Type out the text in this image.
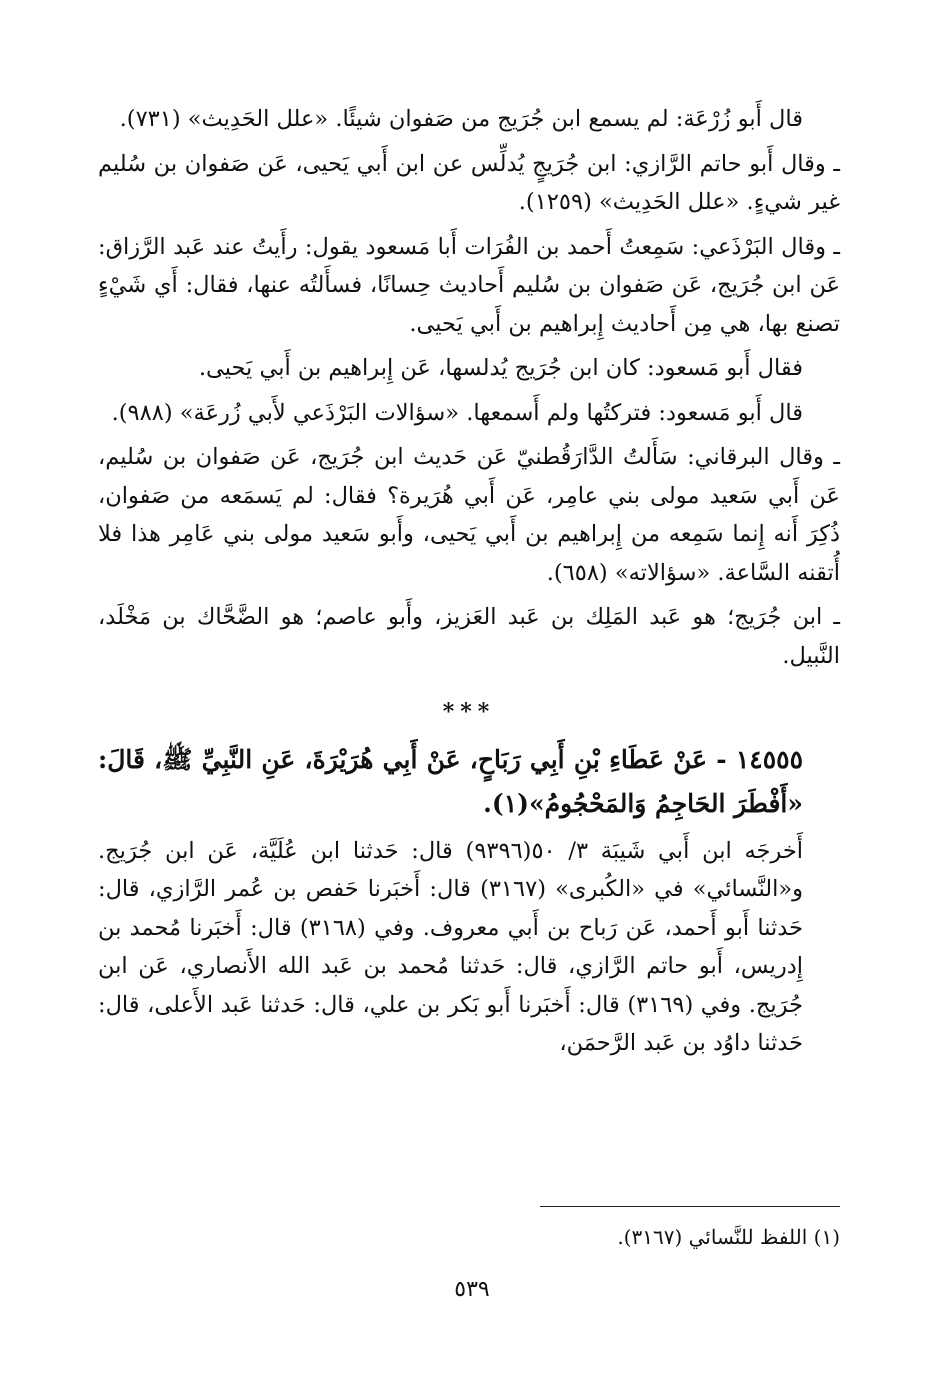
قال أَبو زُرْعَة: لم يسمع ابن جُرَيج من صَفوان شيئًا. «علل الحَدِيث» (٧٣١).

ـ وقال أَبو حاتم الرَّازي: ابن جُرَيجٍ يُدلِّس عن ابن أَبي يَحيى، عَن صَفوان بن سُليم غير شيءٍ. «علل الحَدِيث» (١٢٥٩).

ـ وقال البَرْذَعي: سَمِعتُ أَحمد بن الفُرَات أَبا مَسعود يقول: رأَيتُ عند عَبد الرَّزاق: عَن ابن جُرَيج، عَن صَفوان بن سُليم أَحاديث حِسانًا، فسأَلتُه عنها، فقال: أَي شَيْءٍ تصنع بها، هي مِن أَحاديث إِبراهيم بن أَبي يَحيى.

فقال أَبو مَسعود: كان ابن جُرَيج يُدلسها، عَن إِبراهيم بن أَبي يَحيى.

قال أَبو مَسعود: فتركتُها ولم أَسمعها. «سؤالات البَرْذَعي لأَبي زُرعَة» (٩٨٨).

ـ وقال البرقاني: سَأَلتُ الدَّارَقُطنيّ عَن حَديث ابن جُرَيج، عَن صَفوان بن سُليم، عَن أَبي سَعيد مولى بني عامِر، عَن أَبي هُرَيرة؟ فقال: لم يَسمَعه من صَفوان، ذُكِرَ أَنه إِنما سَمِعه من إِبراهيم بن أَبي يَحيى، وأَبو سَعيد مولى بني عَامِر هذا فلا أُتقنه السَّاعة. «سؤالاته» (٦٥٨).

ـ ابن جُرَيج؛ هو عَبد المَلِك بن عَبد العَزيز، وأَبو عاصم؛ هو الضَّحَّاك بن مَخْلَد، النَّبيل.

***

١٤٥٥٥ - عَنْ عَطَاءِ بْنِ أَبِي رَبَاحٍ، عَنْ أَبِي هُرَيْرَةَ، عَنِ النَّبِيِّ ﷺ، قَالَ: «أَفْطَرَ الحَاجِمُ وَالمَحْجُومُ»(١).

أَخرجَه ابن أَبي شَيبَة ٣/ ٥٠(٩٣٩٦) قال: حَدثنا ابن عُلَيَّة، عَن ابن جُرَيج. و«النَّسائي» في «الكُبرى» (٣١٦٧) قال: أَخبَرنا حَفص بن عُمر الرَّازي، قال: حَدثنا أَبو أَحمد، عَن رَباح بن أَبي معروف. وفي (٣١٦٨) قال: أَخبَرنا مُحمد بن إِدريس، أَبو حاتم الرَّازي، قال: حَدثنا مُحمد بن عَبد الله الأَنصاري، عَن ابن جُرَيج. وفي (٣١٦٩) قال: أَخبَرنا أَبو بَكر بن علي، قال: حَدثنا عَبد الأَعلى، قال: حَدثنا داوُد بن عَبد الرَّحمَن،

(١) اللفظ للنَّسائي (٣١٦٧).
٥٣٩
